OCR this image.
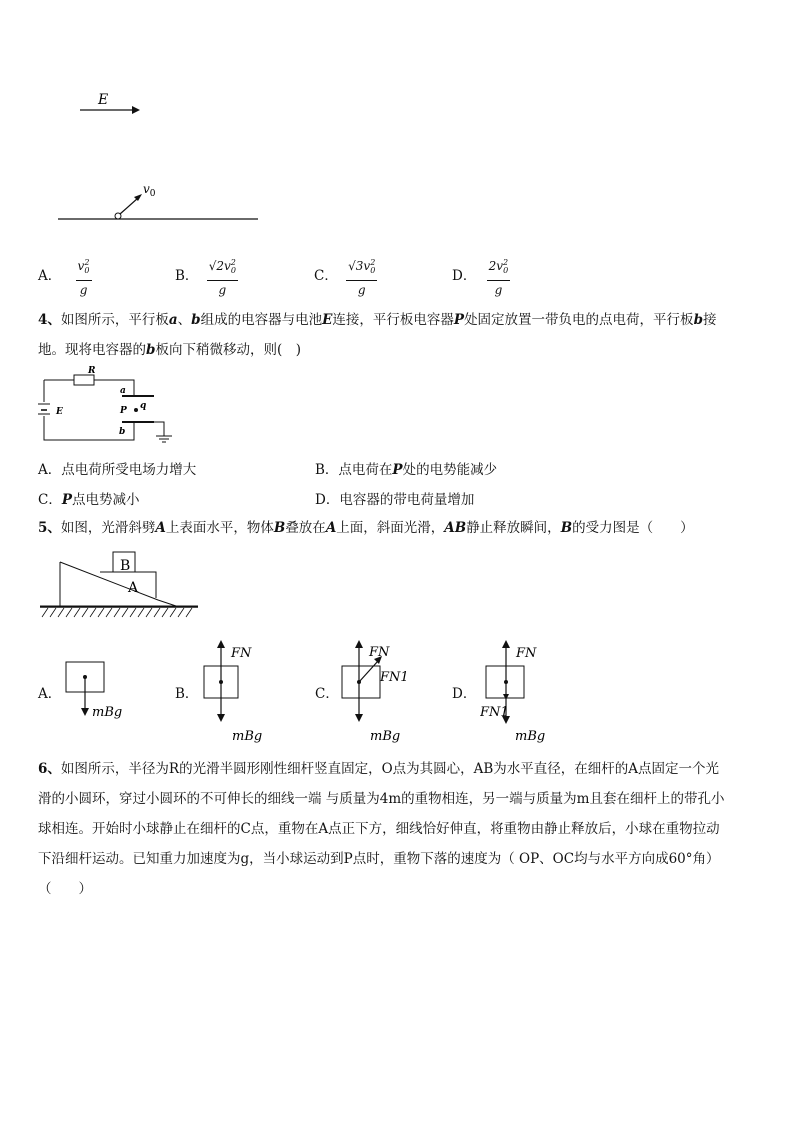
E
$v_0$
A． $\frac{v^2_0}{g}$	B． $\frac{√2v^2_0}{g}$	C． $\frac{√3v^2_0}{g}$	D． $\frac{2v^2_0}{g}$
4、如图所示，平行板a、b组成的电容器与电池E连接，平行板电容器P处固定放置一带负电的点电荷，平行板b接
地。现将电容器的b板向下稍微移动，则(　)
R
E
a
b
P q
A．点电荷所受电场力增大	B．点电荷在P处的电势能减少
C．P点电势减小	D．电容器的带电荷量增加
5、如图，光滑斜劈A上表面水平，物体B叠放在A上面，斜面光滑，AB静止释放瞬间，B的受力图是（　　）
B
A
A．
mBg
B．
FN
mBg
C．
FN
FN1
mBg
D．
FN
FN1
mBg
6、如图所示，半径为R的光滑半圆形刚性细杆竖直固定，O点为其圆心，AB为水平直径，在细杆的A点固定一个光
滑的小圆环，穿过小圆环的不可伸长的细线一端 与质量为4m的重物相连，另一端与质量为m且套在细杆上的带孔小
球相连。开始时小球静止在细杆的C点，重物在A点正下方，细线恰好伸直，将重物由静止释放后，小球在重物拉动
下沿细杆运动。已知重力加速度为g，当小球运动到P点时，重物下落的速度为（ OP、OC均与水平方向成60°角）
（　　）
